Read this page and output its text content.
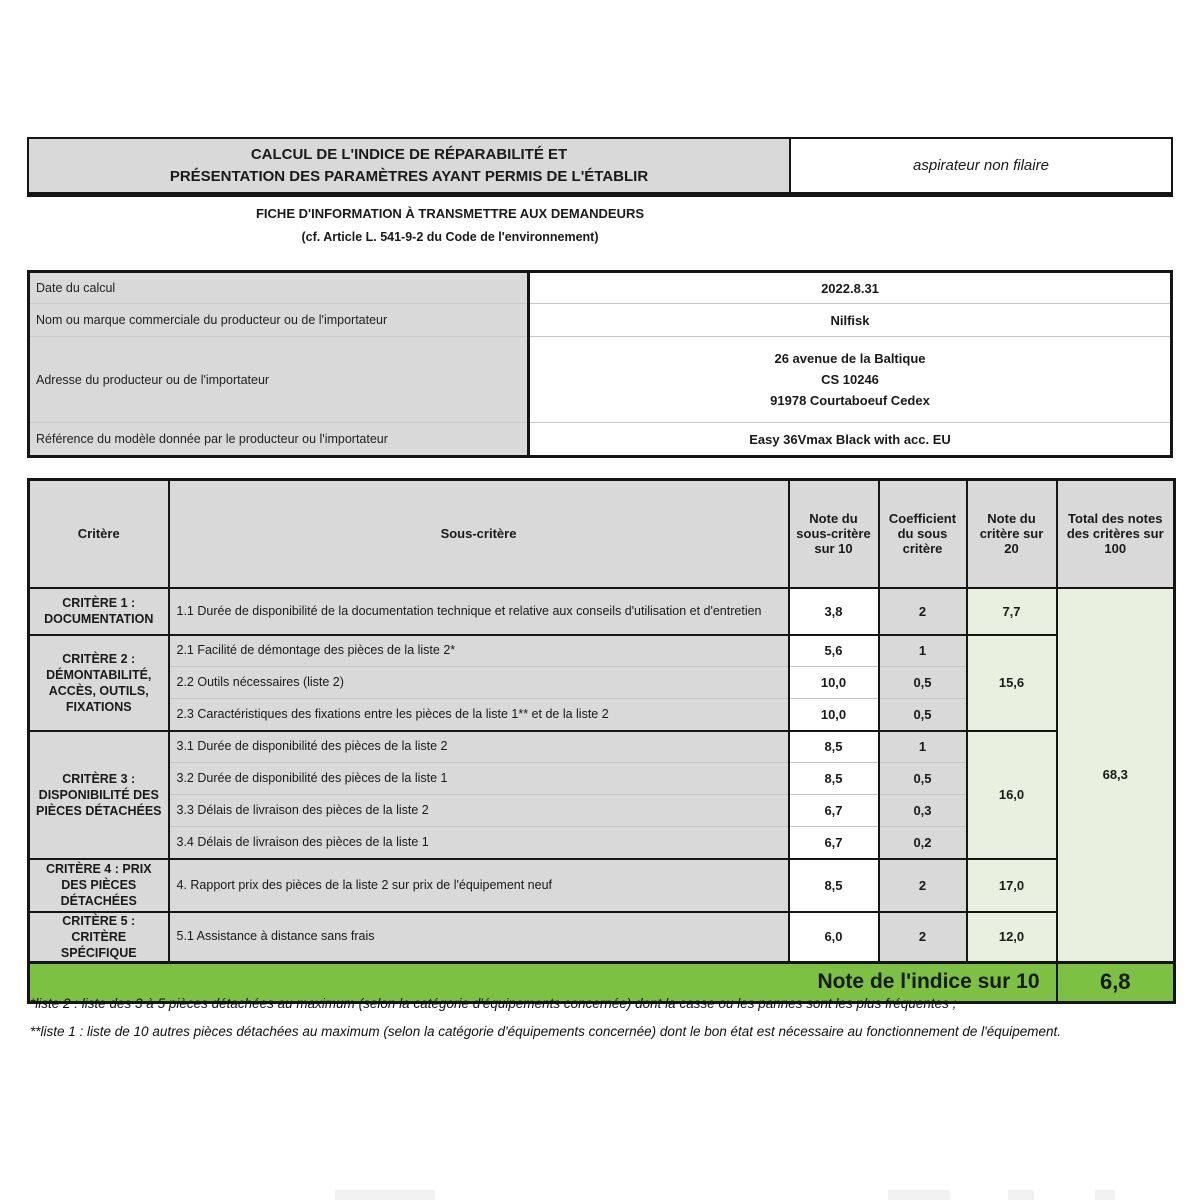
CALCUL DE L'INDICE DE RÉPARABILITÉ ET
PRÉSENTATION DES PARAMÈTRES AYANT PERMIS DE L'ÉTABLIR
aspirateur non filaire
FICHE D'INFORMATION À TRANSMETTRE AUX DEMANDEURS
(cf. Article L. 541-9-2 du Code de l'environnement)
Date du calcul	2022.8.31
Nom ou marque commerciale du producteur ou de l'importateur	Nilfisk
Adresse du producteur ou de l'importateur	26 avenue de la Baltique
CS 10246
91978 Courtaboeuf Cedex

Référence du modèle donnée par le producteur ou l'importateur	Easy 36Vmax Black with acc. EU
Critère	Sous-critère	Note du sous-critère sur 10	Coefficient du sous critère	Note du critère sur 20	Total des notes des critères sur 100
CRITÈRE 1 : DOCUMENTATION	1.1 Durée de disponibilité de la documentation technique et relative aux conseils d'utilisation et d'entretien	3,8	2	7,7	68,3
CRITÈRE 2 : DÉMONTABILITÉ, ACCÈS, OUTILS, FIXATIONS	2.1 Facilité de démontage des pièces de la liste 2*	5,6	1	15,6	
	2.2 Outils nécessaires (liste 2)	10,0	0,5		
	2.3 Caractéristiques des fixations entre les pièces de la liste 1** et de la liste 2	10,0	0,5		
CRITÈRE 3 : DISPONIBILITÉ DES PIÈCES DÉTACHÉES	3.1 Durée de disponibilité des pièces de la liste 2	8,5	1	16,0	
	3.2 Durée de disponibilité des pièces de la liste 1	8,5	0,5		
	3.3 Délais de livraison des pièces de la liste 2	6,7	0,3		
	3.4 Délais de livraison des pièces de la liste 1	6,7	0,2		
CRITÈRE 4 : PRIX DES PIÈCES DÉTACHÉES	4. Rapport prix des pièces de la liste 2 sur prix de l'équipement neuf	8,5	2	17,0	
CRITÈRE 5 : CRITÈRE SPÉCIFIQUE	5.1 Assistance à distance sans frais	6,0	2	12,0	
Note de l'indice sur 10					6,8
*liste 2 : liste des 3 à 5 pièces détachées au maximum (selon la catégorie d'équipements concernée) dont la casse ou les pannes sont les plus fréquentes ;
**liste 1 : liste de 10 autres pièces détachées au maximum (selon la catégorie d'équipements concernée) dont le bon état est nécessaire au fonctionnement de l'équipement.
